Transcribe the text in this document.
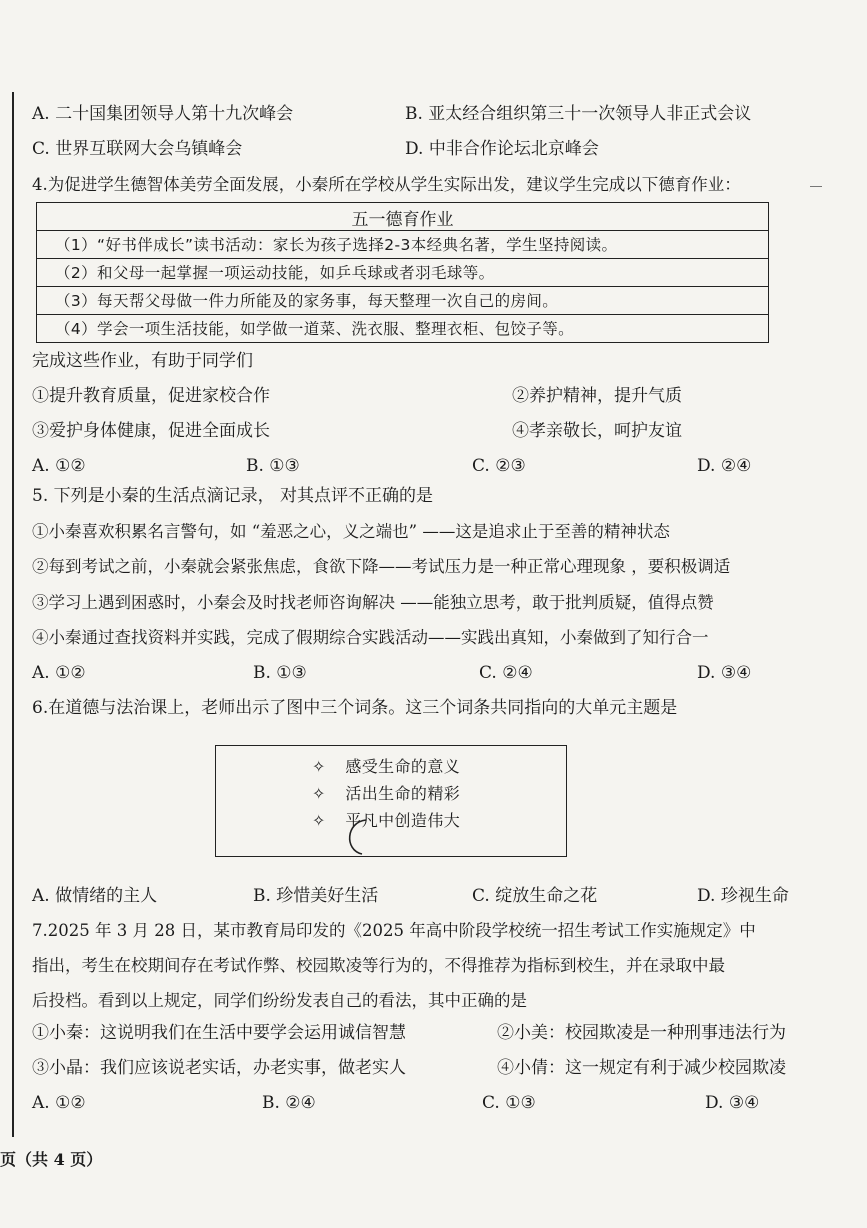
A. 二十国集团领导人第十九次峰会	B. 亚太经合组织第三十一次领导人非正式会议
C. 世界互联网大会乌镇峰会	D. 中非合作论坛北京峰会
4.为促进学生德智体美劳全面发展，小秦所在学校从学生实际出发，建议学生完成以下德育作业：
五一德育作业
（1）“好书伴成长”读书活动：家长为孩子选择2-3本经典名著，学生坚持阅读。
（2）和父母一起掌握一项运动技能，如乒乓球或者羽毛球等。
（3）每天帮父母做一件力所能及的家务事，每天整理一次自己的房间。
（4）学会一项生活技能，如学做一道菜、洗衣服、整理衣柜、包饺子等。
完成这些作业，有助于同学们
①提升教育质量，促进家校合作	②养护精神，提升气质
③爱护身体健康，促进全面成长	④孝亲敬长，呵护友谊
A. ①②	B. ①③	C. ②③	D. ②④
5. 下列是小秦的生活点滴记录， 对其点评不正确的是
①小秦喜欢积累名言警句，如 “羞恶之心，义之端也” ——这是追求止于至善的精神状态
②每到考试之前，小秦就会紧张焦虑，食欲下降——考试压力是一种正常心理现象 ，要积极调适
③学习上遇到困惑时，小秦会及时找老师咨询解决 ——能独立思考，敢于批判质疑，值得点赞
④小秦通过查找资料并实践，完成了假期综合实践活动——实践出真知，小秦做到了知行合一
A. ①②	B. ①③	C. ②④	D. ③④
6.在道德与法治课上，老师出示了图中三个词条。这三个词条共同指向的大单元主题是
✧ 感受生命的意义
✧ 活出生命的精彩
✧ 平凡中创造伟大
A. 做情绪的主人	B. 珍惜美好生活	C. 绽放生命之花	D. 珍视生命
7.2025 年 3 月 28 日，某市教育局印发的《2025 年高中阶段学校统一招生考试工作实施规定》中
指出，考生在校期间存在考试作弊、校园欺凌等行为的，不得推荐为指标到校生，并在录取中最
后投档。看到以上规定，同学们纷纷发表自己的看法，其中正确的是
①小秦：这说明我们在生活中要学会运用诚信智慧	②小美：校园欺凌是一种刑事违法行为
③小晶：我们应该说老实话，办老实事，做老实人	④小倩：这一规定有利于减少校园欺凌
A. ①②	B. ②④	C. ①③	D. ③④
页（共 4 页）
